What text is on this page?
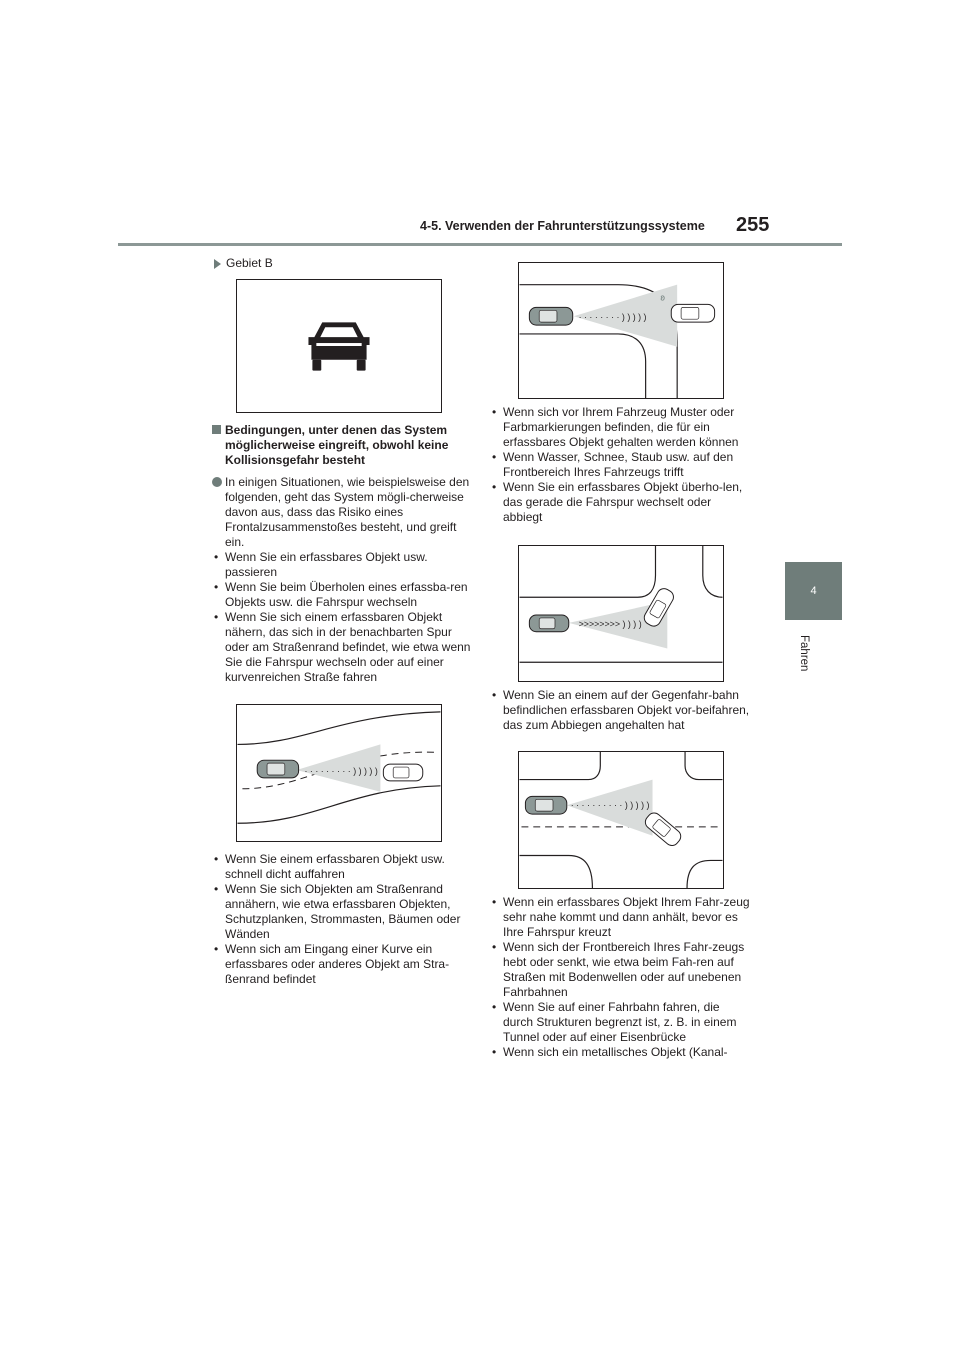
4-5. Verwenden der Fahrunterstützungssysteme 255
4
Fahren
Gebiet B
Bedingungen, unter denen das System möglicherweise eingreift, obwohl keine Kollisionsgefahr besteht
In einigen Situationen, wie beispielsweise den folgenden, geht das System mögli-cherweise davon aus, dass das Risiko eines Frontalzusammenstoßes besteht, und greift ein.
• Wenn Sie ein erfassbares Objekt usw. passieren
• Wenn Sie beim Überholen eines erfassba-ren Objekts usw. die Fahrspur wechseln
• Wenn Sie sich einem erfassbaren Objekt nähern, das sich in der benachbarten Spur oder am Straßenrand befindet, wie etwa wenn Sie die Fahrspur wechseln oder auf einer kurvenreichen Straße fahren
· · · · · · · · · ) ) ) ) )
• Wenn Sie einem erfassbaren Objekt usw. schnell dicht auffahren
• Wenn Sie sich Objekten am Straßenrand annähern, wie etwa erfassbaren Objekten, Schutzplanken, Strommasten, Bäumen oder Wänden
• Wenn sich am Eingang einer Kurve ein erfassbares oder anderes Objekt am Stra-ßenrand befindet
· · · · · · · · ) ) ) ) )
ʚ
• Wenn sich vor Ihrem Fahrzeug Muster oder Farbmarkierungen befinden, die für ein erfassbares Objekt gehalten werden können
• Wenn Wasser, Schnee, Staub usw. auf den Frontbereich Ihres Fahrzeugs trifft
• Wenn Sie ein erfassbares Objekt überho-len, das gerade die Fahrspur wechselt oder abbiegt
>>>>>>>> ) ) ) )
• Wenn Sie an einem auf der Gegenfahr-bahn befindlichen erfassbaren Objekt vor-beifahren, das zum Abbiegen angehalten hat
· · · · · · · · · · ) ) ) ) )
• Wenn ein erfassbares Objekt Ihrem Fahr-zeug sehr nahe kommt und dann anhält, bevor es Ihre Fahrspur kreuzt
• Wenn sich der Frontbereich Ihres Fahr-zeugs hebt oder senkt, wie etwa beim Fah-ren auf Straßen mit Bodenwellen oder auf unebenen Fahrbahnen
• Wenn Sie auf einer Fahrbahn fahren, die durch Strukturen begrenzt ist, z. B. in einem Tunnel oder auf einer Eisenbrücke
• Wenn sich ein metallisches Objekt (Kanal-
